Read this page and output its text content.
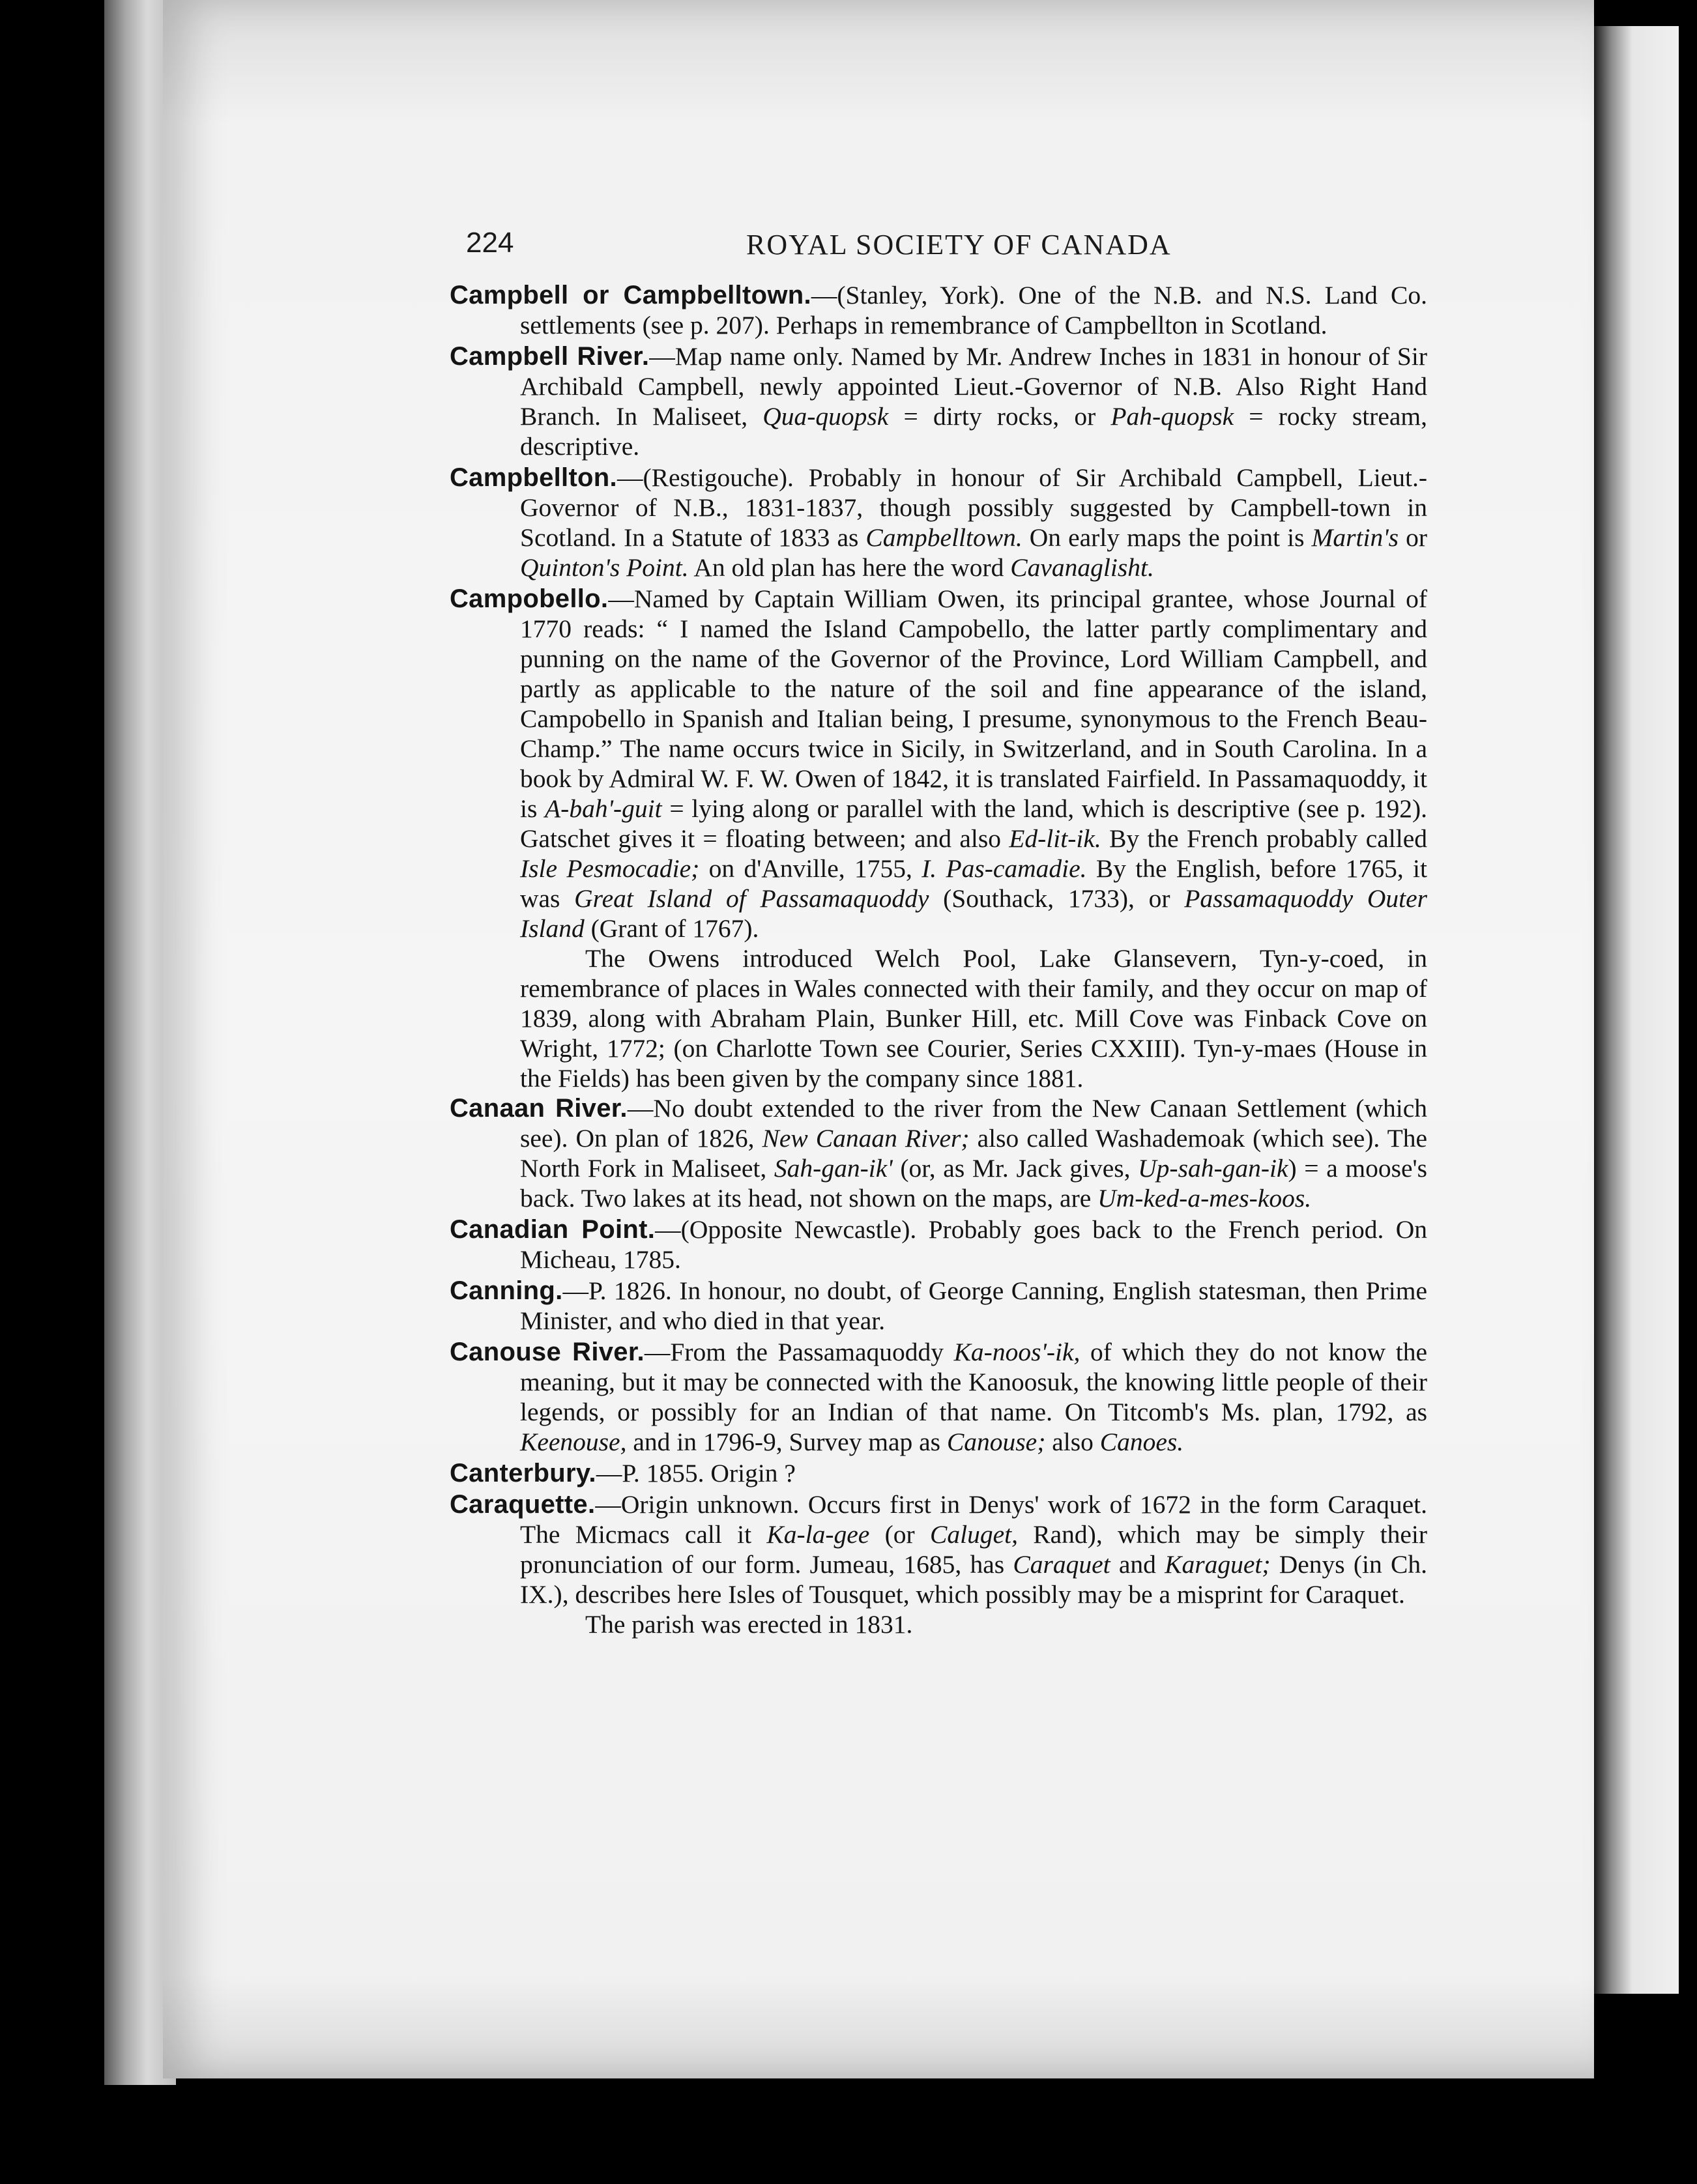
224	ROYAL SOCIETY OF CANADA

Campbell or Campbelltown.—(Stanley, York). One of the N.B. and N.S. Land Co. settlements (see p. 207). Perhaps in remembrance of Campbellton in Scotland.

Campbell River.—Map name only. Named by Mr. Andrew Inches in 1831 in honour of Sir Archibald Campbell, newly appointed Lieut.-Governor of N.B. Also Right Hand Branch. In Maliseet, Qua-quopsk = dirty rocks, or Pah-quopsk = rocky stream, descriptive.

Campbellton.—(Restigouche). Probably in honour of Sir Archibald Campbell, Lieut.-Governor of N.B., 1831-1837, though possibly suggested by Campbell-town in Scotland. In a Statute of 1833 as Campbelltown. On early maps the point is Martin's or Quinton's Point. An old plan has here the word Cavanaglisht.

Campobello.—Named by Captain William Owen, its principal grantee, whose Journal of 1770 reads: “ I named the Island Campobello, the latter partly complimentary and punning on the name of the Governor of the Province, Lord William Campbell, and partly as applicable to the nature of the soil and fine appearance of the island, Campobello in Spanish and Italian being, I presume, synonymous to the French Beau-Champ.” The name occurs twice in Sicily, in Switzerland, and in South Carolina. In a book by Admiral W. F. W. Owen of 1842, it is translated Fairfield. In Passamaquoddy, it is A-bah'-guit = lying along or parallel with the land, which is descriptive (see p. 192). Gatschet gives it = floating between; and also Ed-lit-ik. By the French probably called Isle Pesmocadie; on d'Anville, 1755, I. Pas-camadie. By the English, before 1765, it was Great Island of Passamaquoddy (Southack, 1733), or Passamaquoddy Outer Island (Grant of 1767).

The Owens introduced Welch Pool, Lake Glansevern, Tyn-y-coed, in remembrance of places in Wales connected with their family, and they occur on map of 1839, along with Abraham Plain, Bunker Hill, etc. Mill Cove was Finback Cove on Wright, 1772; (on Charlotte Town see Courier, Series CXXIII). Tyn-y-maes (House in the Fields) has been given by the company since 1881.

Canaan River.—No doubt extended to the river from the New Canaan Settlement (which see). On plan of 1826, New Canaan River; also called Washademoak (which see). The North Fork in Maliseet, Sah-gan-ik' (or, as Mr. Jack gives, Up-sah-gan-ik) = a moose's back. Two lakes at its head, not shown on the maps, are Um-ked-a-mes-koos.

Canadian Point.—(Opposite Newcastle). Probably goes back to the French period. On Micheau, 1785.

Canning.—P. 1826. In honour, no doubt, of George Canning, English statesman, then Prime Minister, and who died in that year.

Canouse River.—From the Passamaquoddy Ka-noos'-ik, of which they do not know the meaning, but it may be connected with the Kanoosuk, the knowing little people of their legends, or possibly for an Indian of that name. On Titcomb's Ms. plan, 1792, as Keenouse, and in 1796-9, Survey map as Canouse; also Canoes.

Canterbury.—P. 1855. Origin ?

Caraquette.—Origin unknown. Occurs first in Denys' work of 1672 in the form Caraquet. The Micmacs call it Ka-la-gee (or Caluget, Rand), which may be simply their pronunciation of our form. Jumeau, 1685, has Caraquet and Karaguet; Denys (in Ch. IX.), describes here Isles of Tousquet, which possibly may be a misprint for Caraquet.

The parish was erected in 1831.
